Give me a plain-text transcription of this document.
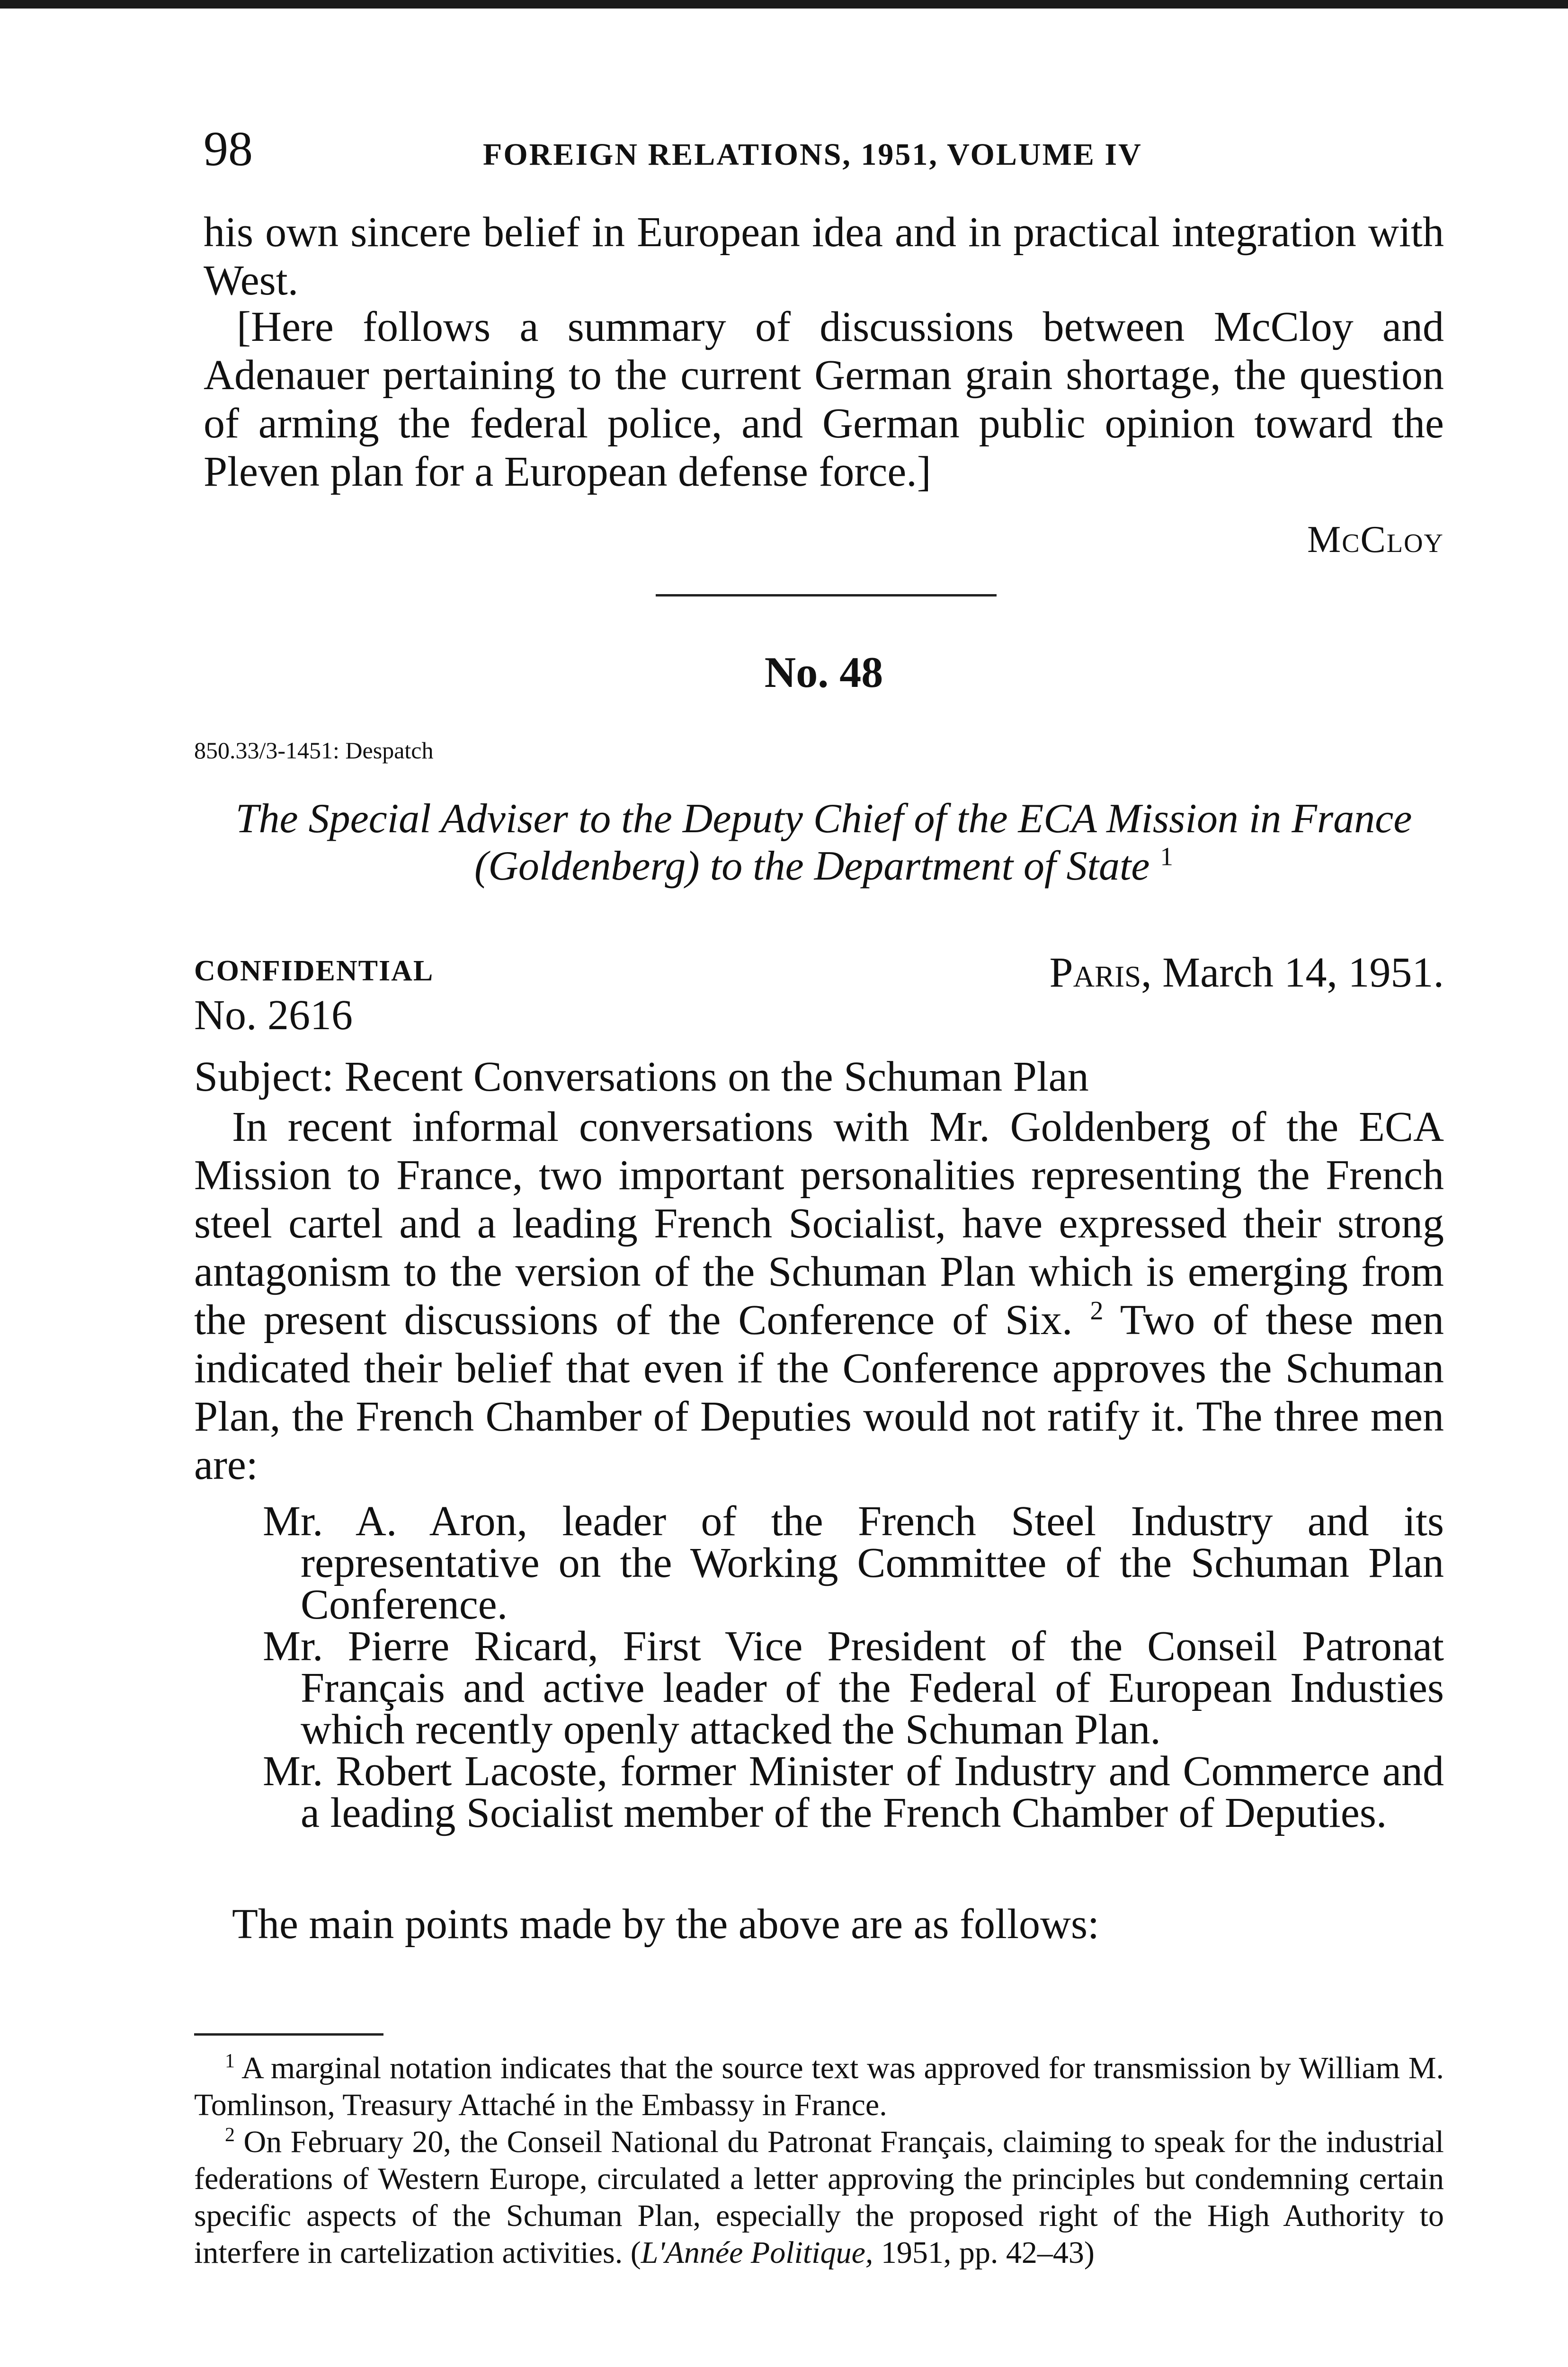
98	FOREIGN RELATIONS, 1951, VOLUME IV
his own sincere belief in European idea and in practical integration with West.
[Here follows a summary of discussions between McCloy and Adenauer pertaining to the current German grain shortage, the question of arming the federal police, and German public opinion toward the Pleven plan for a European defense force.]
McCloy
No. 48
850.33/3-1451: Despatch
The Special Adviser to the Deputy Chief of the ECA Mission in France (Goldenberg) to the Department of State $^1$
CONFIDENTIAL	Paris, March 14, 1951.
No. 2616
Subject: Recent Conversations on the Schuman Plan
In recent informal conversations with Mr. Goldenberg of the ECA Mission to France, two important personalities representing the French steel cartel and a leading French Socialist, have expressed their strong antagonism to the version of the Schuman Plan which is emerging from the present discussions of the Conference of Six. $^2$ Two of these men indicated their belief that even if the Conference approves the Schuman Plan, the French Chamber of Deputies would not ratify it. The three men are:
Mr. A. Aron, leader of the French Steel Industry and its representative on the Working Committee of the Schuman Plan Conference.
Mr. Pierre Ricard, First Vice President of the Conseil Patronat Français and active leader of the Federal of European Industies which recently openly attacked the Schuman Plan.
Mr. Robert Lacoste, former Minister of Industry and Commerce and a leading Socialist member of the French Chamber of Deputies.
The main points made by the above are as follows:
$^1$ A marginal notation indicates that the source text was approved for transmission by William M. Tomlinson, Treasury Attaché in the Embassy in France.
$^2$ On February 20, the Conseil National du Patronat Français, claiming to speak for the industrial federations of Western Europe, circulated a letter approving the principles but condemning certain specific aspects of the Schuman Plan, especially the proposed right of the High Authority to interfere in cartelization activities. (L'Année Politique, 1951, pp. 42–43)
